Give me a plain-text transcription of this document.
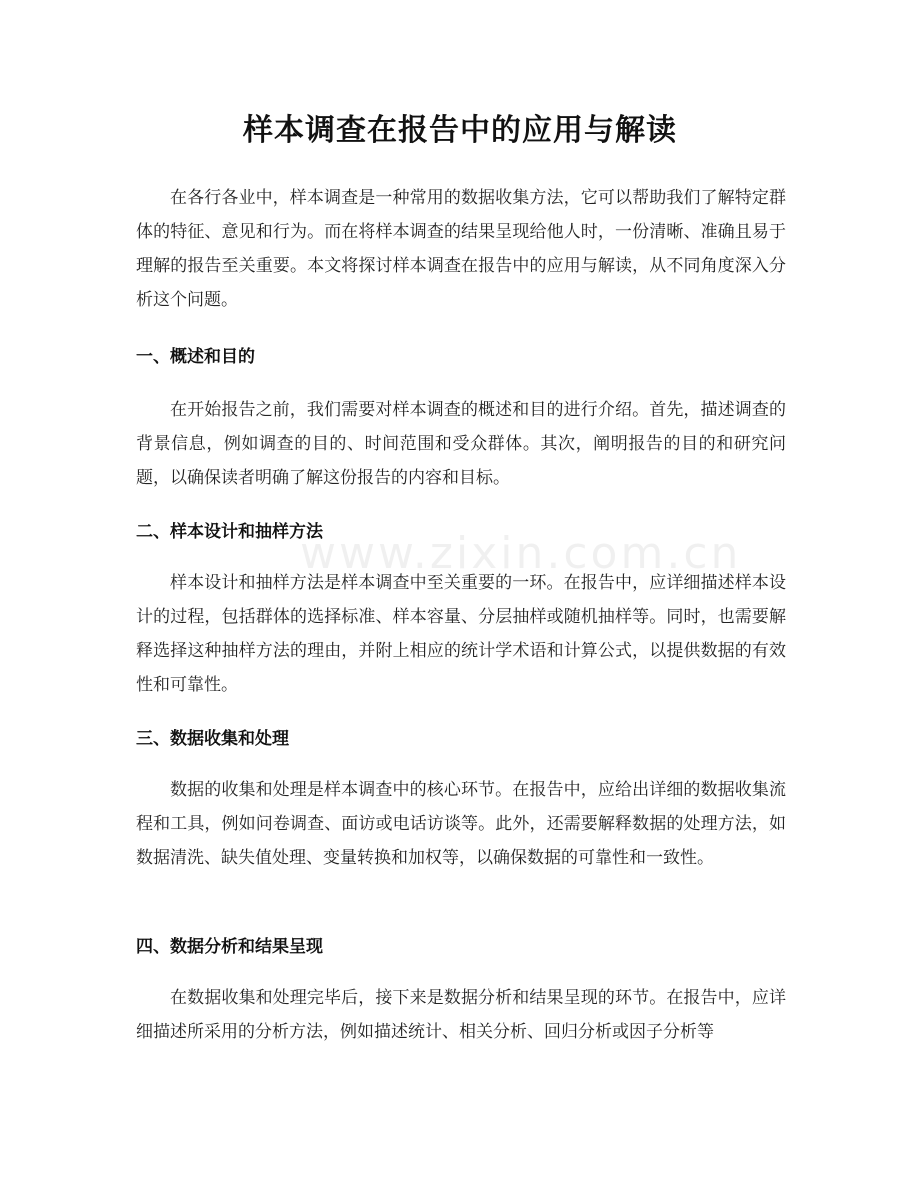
样本调查在报告中的应用与解读

在各行各业中，样本调查是一种常用的数据收集方法，它可以帮助我们了解特定群体的特征、意见和行为。而在将样本调查的结果呈现给他人时，一份清晰、准确且易于理解的报告至关重要。本文将探讨样本调查在报告中的应用与解读，从不同角度深入分析这个问题。

一、概述和目的

在开始报告之前，我们需要对样本调查的概述和目的进行介绍。首先，描述调查的背景信息，例如调查的目的、时间范围和受众群体。其次，阐明报告的目的和研究问题，以确保读者明确了解这份报告的内容和目标。

二、样本设计和抽样方法

样本设计和抽样方法是样本调查中至关重要的一环。在报告中，应详细描述样本设计的过程，包括群体的选择标准、样本容量、分层抽样或随机抽样等。同时，也需要解释选择这种抽样方法的理由，并附上相应的统计学术语和计算公式，以提供数据的有效性和可靠性。

三、数据收集和处理

数据的收集和处理是样本调查中的核心环节。在报告中，应给出详细的数据收集流程和工具，例如问卷调查、面访或电话访谈等。此外，还需要解释数据的处理方法，如数据清洗、缺失值处理、变量转换和加权等，以确保数据的可靠性和一致性。

四、数据分析和结果呈现

在数据收集和处理完毕后，接下来是数据分析和结果呈现的环节。在报告中，应详细描述所采用的分析方法，例如描述统计、相关分析、回归分析或因子分析等

www.zixin.com.cn
